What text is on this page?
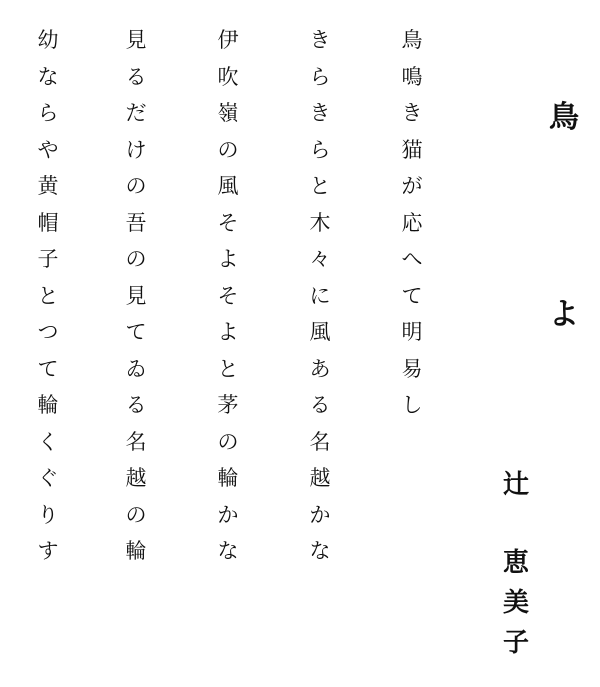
鳥
よ
辻
恵
美
子
鳥
鳴
き
猫
が
応
へ
て
明
易
し
き
ら
き
ら
と
木
々
に
風
あ
る
名
越
か
な
伊
吹
嶺
の
風
そ
よ
そ
よ
と
茅
の
輪
か
な
見
る
だ
け
の
吾
の
見
て
ゐ
る
名
越
の
輪
幼
な
ら
や
黄
帽
子
と
つ
て
輪
く
ぐ
り
す
